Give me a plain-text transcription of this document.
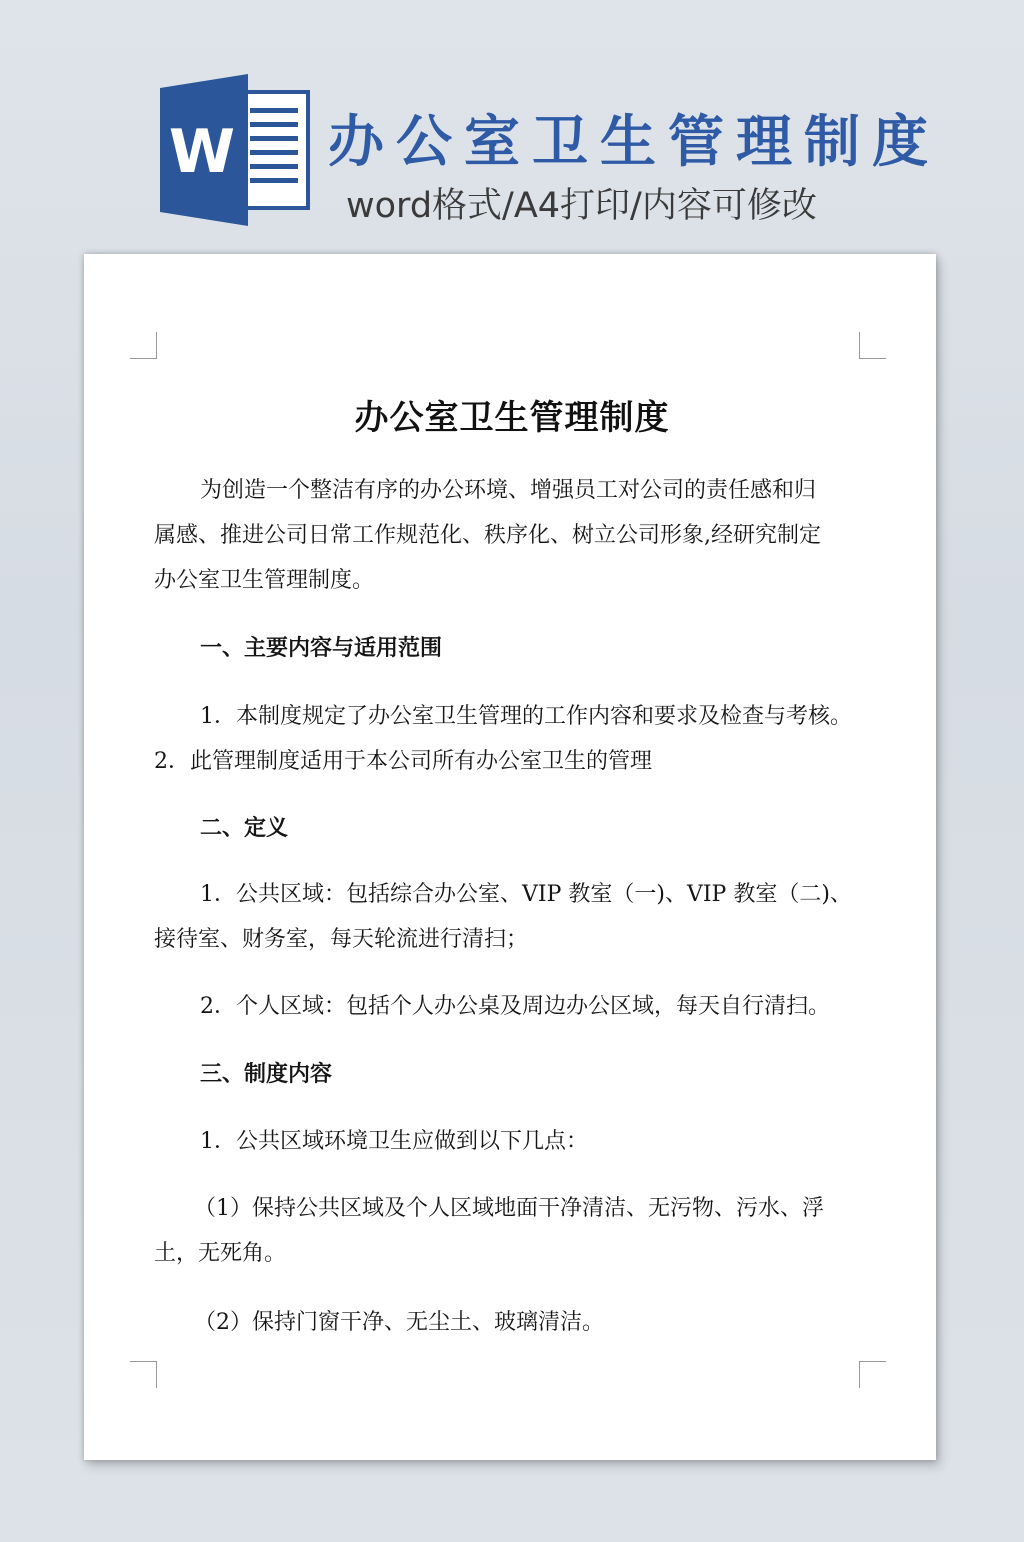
W 办公室卫生管理制度
word格式/A4打印/内容可修改
办公室卫生管理制度
为创造一个整洁有序的办公环境、增强员工对公司的责任感和归
属感、推进公司日常工作规范化、秩序化、树立公司形象,经研究制定
办公室卫生管理制度。
一、主要内容与适用范围
1．本制度规定了办公室卫生管理的工作内容和要求及检查与考核。
2．此管理制度适用于本公司所有办公室卫生的管理
二、定义
1．公共区域：包括综合办公室、VIP 教室（一)、VIP 教室（二)、
接待室、财务室，每天轮流进行清扫；
2．个人区域：包括个人办公桌及周边办公区域，每天自行清扫。
三、制度内容
1．公共区域环境卫生应做到以下几点：
（1）保持公共区域及个人区域地面干净清洁、无污物、污水、浮
土，无死角。
（2）保持门窗干净、无尘土、玻璃清洁。
